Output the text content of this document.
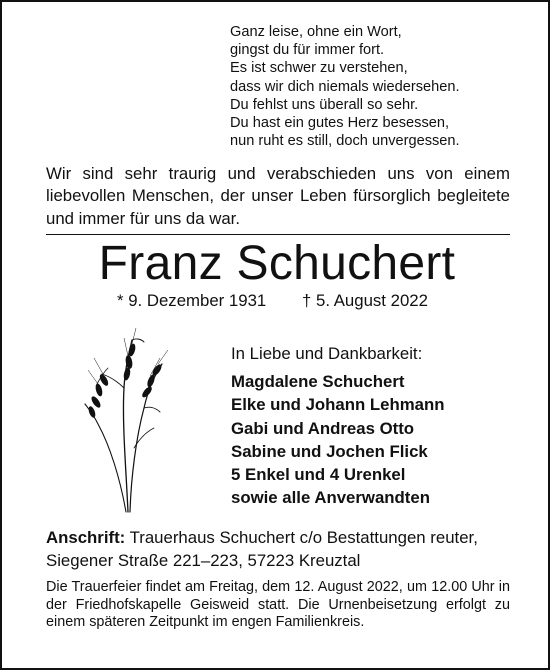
Ganz leise, ohne ein Wort,
gingst du für immer fort.
Es ist schwer zu verstehen,
dass wir dich niemals wiedersehen.
Du fehlst uns überall so sehr.
Du hast ein gutes Herz besessen,
nun ruht es still, doch unvergessen.

Wir sind sehr traurig und verabschieden uns von einem liebevollen Menschen, der unser Leben fürsorglich begleitete und immer für uns da war.

Franz Schuchert
* 9. Dezember 1931 † 5. August 2022
In Liebe und Dankbarkeit:
Magdalene Schuchert
Elke und Johann Lehmann
Gabi und Andreas Otto
Sabine und Jochen Flick
5 Enkel und 4 Urenkel
sowie alle Anverwandten

Anschrift: Trauerhaus Schuchert c/o Bestattungen reuter,
Siegener Straße 221–223, 57223 Kreuztal

Die Trauerfeier findet am Freitag, dem 12. August 2022, um 12.00 Uhr in der Friedhofskapelle Geisweid statt. Die Urnenbeisetzung erfolgt zu einem späteren Zeitpunkt im engen Familienkreis.
